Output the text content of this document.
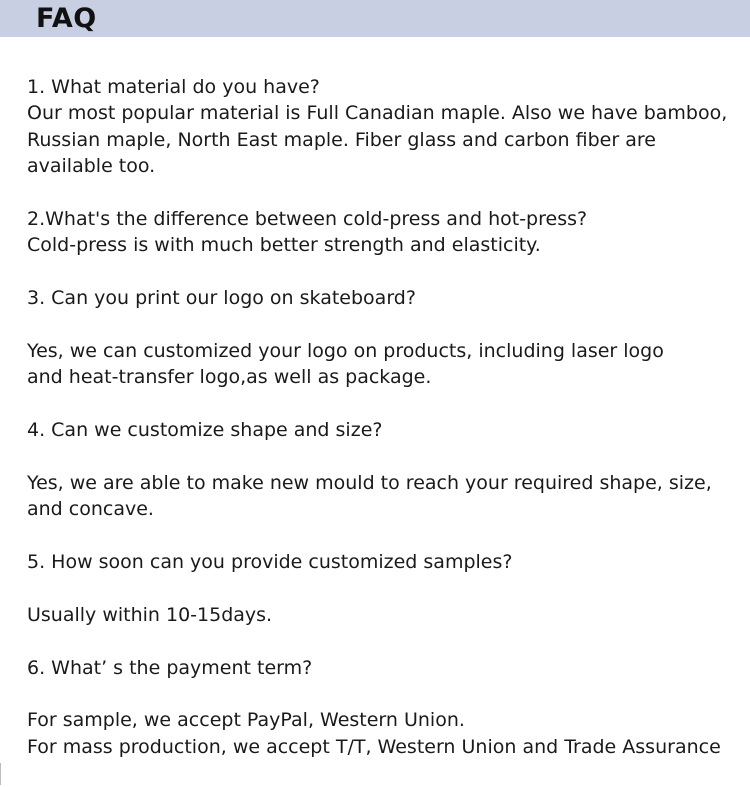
FAQ
1. What material do you have?
Our most popular material is Full Canadian maple. Also we have bamboo,
Russian maple, North East maple. Fiber glass and carbon fiber are
available too.
2.What's the difference between cold-press and hot-press?
Cold-press is with much better strength and elasticity.
3. Can you print our logo on skateboard?
Yes, we can customized your logo on products, including laser logo
and heat-transfer logo,as well as package.
4. Can we customize shape and size?
Yes, we are able to make new mould to reach your required shape, size,
and concave.
5. How soon can you provide customized samples?
Usually within 10-15days.
6. What’ s the payment term?
For sample, we accept PayPal, Western Union.
For mass production, we accept T/T, Western Union and Trade Assurance
